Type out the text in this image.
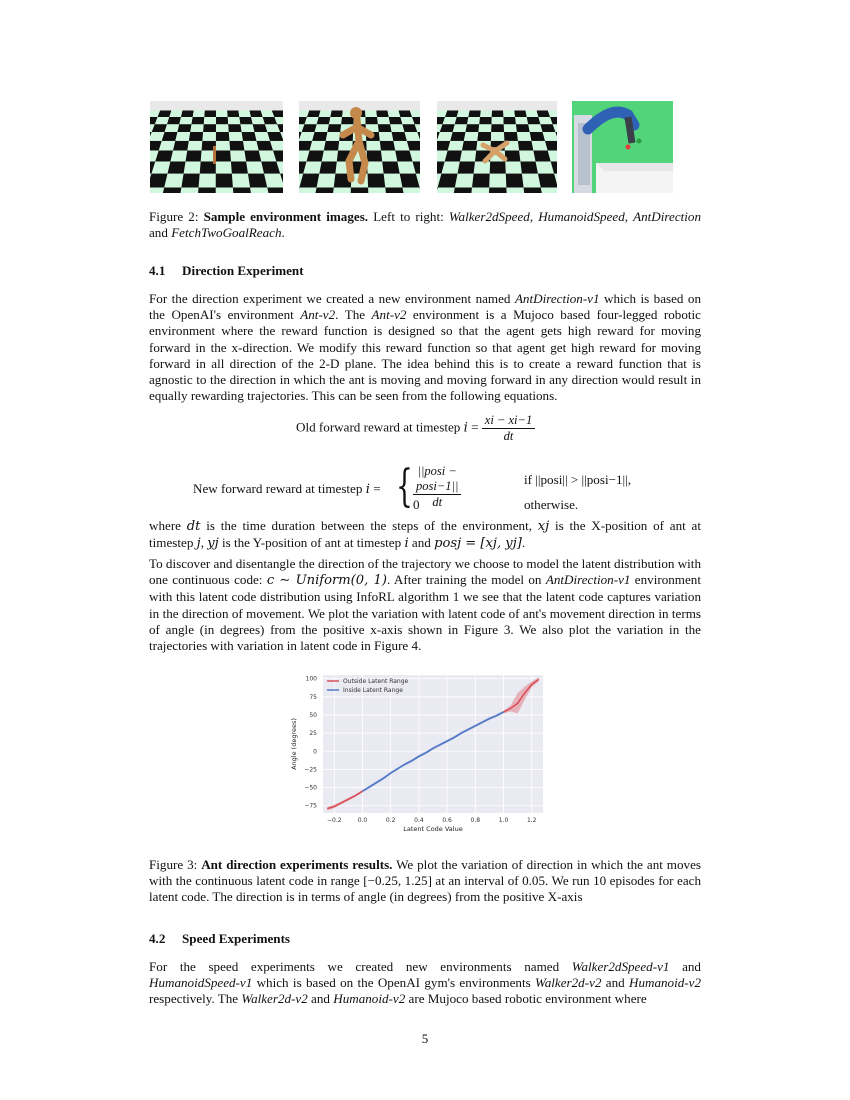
Figure 2: Sample environment images. Left to right: Walker2dSpeed, HumanoidSpeed, AntDirection and FetchTwoGoalReach.
4.1 Direction Experiment
For the direction experiment we created a new environment named AntDirection-v1 which is based on the OpenAI's environment Ant-v2. The Ant-v2 environment is a Mujoco based four-legged robotic environment where the reward function is designed so that the agent gets high reward for moving forward in the x-direction. We modify this reward function so that agent get high reward for moving forward in all direction of the 2-D plane. The idea behind this is to create a reward function that is agnostic to the direction in which the ant is moving and moving forward in any direction would result in equally rewarding trajectories. This can be seen from the following equations.
Old forward reward at timestep $i = \frac{xi - xi-1}{dt}$
New forward reward at timestep i = { $\frac{\text{||posi − posi−1||}}{dt}$	if ||posi|| > ||posi−1||,
0	otherwise.
where dt is the time duration between the steps of the environment, xj is the X-position of ant at timestep j, yj is the Y-position of ant at timestep i and posj = [xj, yj].
To discover and disentangle the direction of the trajectory we choose to model the latent distribution with one continuous code: c ∼ Uniform(0, 1). After training the model on AntDirection-v1 environment with this latent code distribution using InfoRL algorithm 1 we see that the latent code captures variation in the direction of movement. We plot the variation with latent code of ant's movement direction in terms of angle (in degrees) from the positive x-axis shown in Figure 3. We also plot the variation in the trajectories with variation in latent code in Figure 4.
−0.2	0.0	0.2	0.4	0.6	0.8	1.0	1.2
100
75
50
25
0
−25
−50
−75
Latent Code Value
Angle (degrees)
Outside Latent Range
Inside Latent Range
Figure 3: Ant direction experiments results. We plot the variation of direction in which the ant moves with the continuous latent code in range [−0.25, 1.25] at an interval of 0.05. We run 10 episodes for each latent code. The direction is in terms of angle (in degrees) from the positive X-axis
4.2 Speed Experiments
For the speed experiments we created new environments named Walker2dSpeed-v1 and HumanoidSpeed-v1 which is based on the OpenAI gym's environments Walker2d-v2 and Humanoid-v2 respectively. The Walker2d-v2 and Humanoid-v2 are Mujoco based robotic environment where
5
